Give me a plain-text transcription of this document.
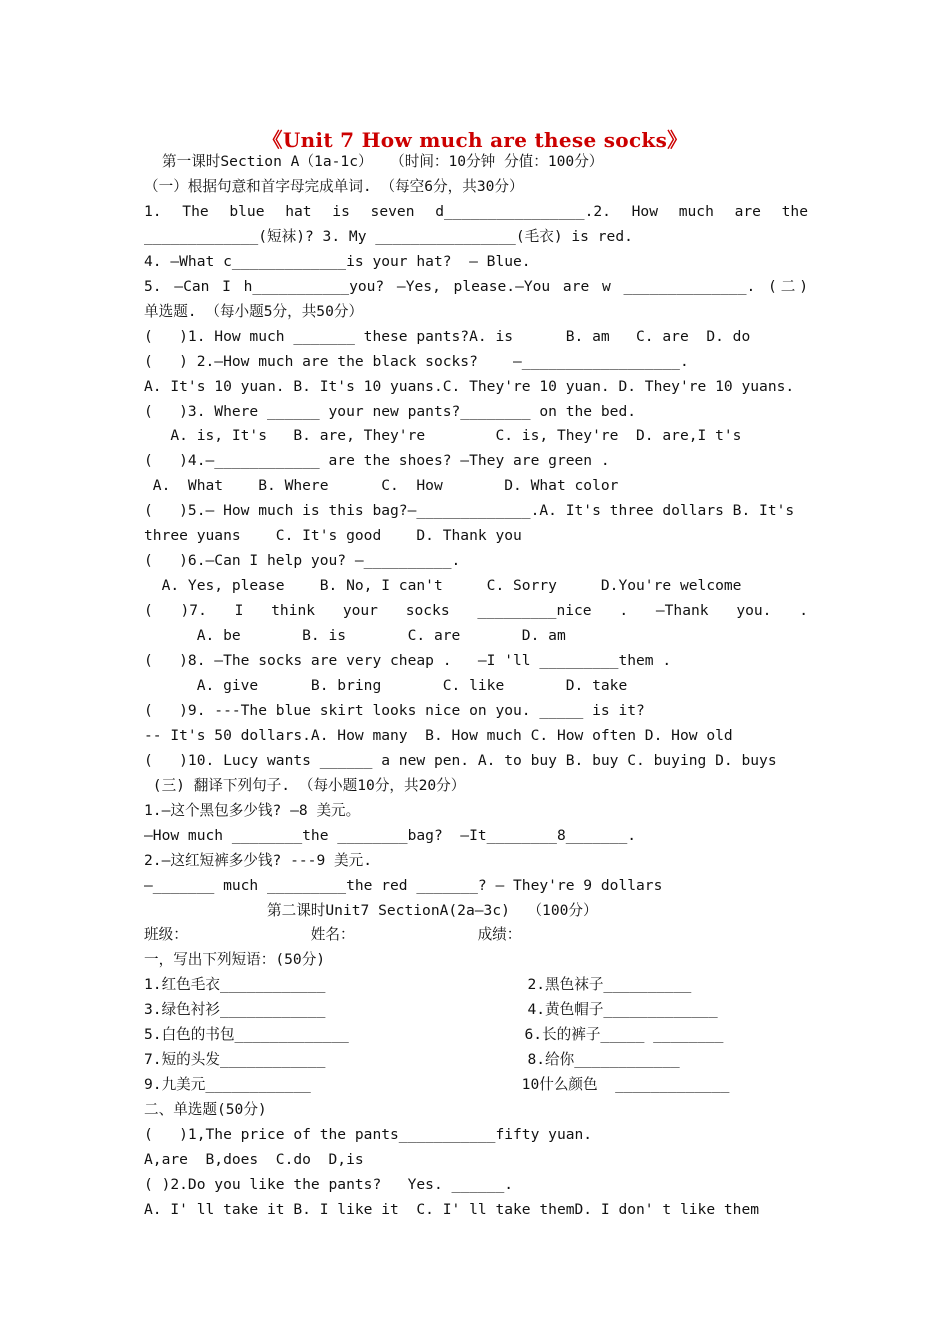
《Unit 7 How much are these socks》
第一课时Section A（1a-1c）  （时间：10分钟 分值：100分）
（一）根据句意和首字母完成单词. （每空6分，共30分）
1. The blue hat is seven d________________.2. How much are the
_____________(短袜)? 3. My ________________(毛衣) is red.
4. —What c_____________is your hat?  — Blue.
5. —Can I h___________you? —Yes, please.—You are w ______________. (二)
单选题. （每小题5分，共50分）
(   )1. How much _______ these pants?A. is      B. am   C. are  D. do
(   ) 2.—How much are the black socks?    —__________________.
A. It's 10 yuan. B. It's 10 yuans.C. They're 10 yuan. D. They're 10 yuans.
(   )3. Where ______ your new pants?________ on the bed.
A. is, It's   B. are, They're        C. is, They're  D. are,I t's
(   )4.—____________ are the shoes? —They are green .
A.  What    B. Where      C.  How       D. What color
(   )5.— How much is this bag?—_____________.A. It's three dollars B. It's
three yuans    C. It's good    D. Thank you
(   )6.—Can I help you? —__________.
A. Yes, please    B. No, I can't     C. Sorry     D.You're welcome
( )7. I think your socks _________nice . —Thank you. .
A. be       B. is       C. are       D. am
(   )8. —The socks are very cheap .   —I 'll _________them .
A. give      B. bring       C. like       D. take
(   )9. ---The blue skirt looks nice on you. _____ is it?
-- It's 50 dollars.A. How many  B. How much C. How often D. How old
(   )10. Lucy wants ______ a new pen. A. to buy B. buy C. buying D. buys
(三) 翻译下列句子. （每小题10分，共20分）
1.—这个黑包多少钱? —8 美元。
—How much ________the ________bag?  —It________8_______.
2.—这红短裤多少钱? ---9 美元.
—_______ much _________the red _______? — They're 9 dollars
第二课时Unit7 SectionA(2a—3c)  （100分）
班级：              姓名：              成绩：
一，写出下列短语：(50分)
1.红色毛衣____________                       2.黑色袜子__________
3.绿色衬衫____________                       4.黄色帽子_____________
5.白色的书包_____________                    6.长的裤子_____ ________
7.短的头发____________                       8.给你____________
9.九美元____________                        10什么颜色  _____________
二、单选题(50分)
(   )1,The price of the pants___________fifty yuan.
A,are  B,does  C.do  D,is
( )2.Do you like the pants?   Yes. ______.
A. I' ll take it B. I like it  C. I' ll take themD. I don' t like them
